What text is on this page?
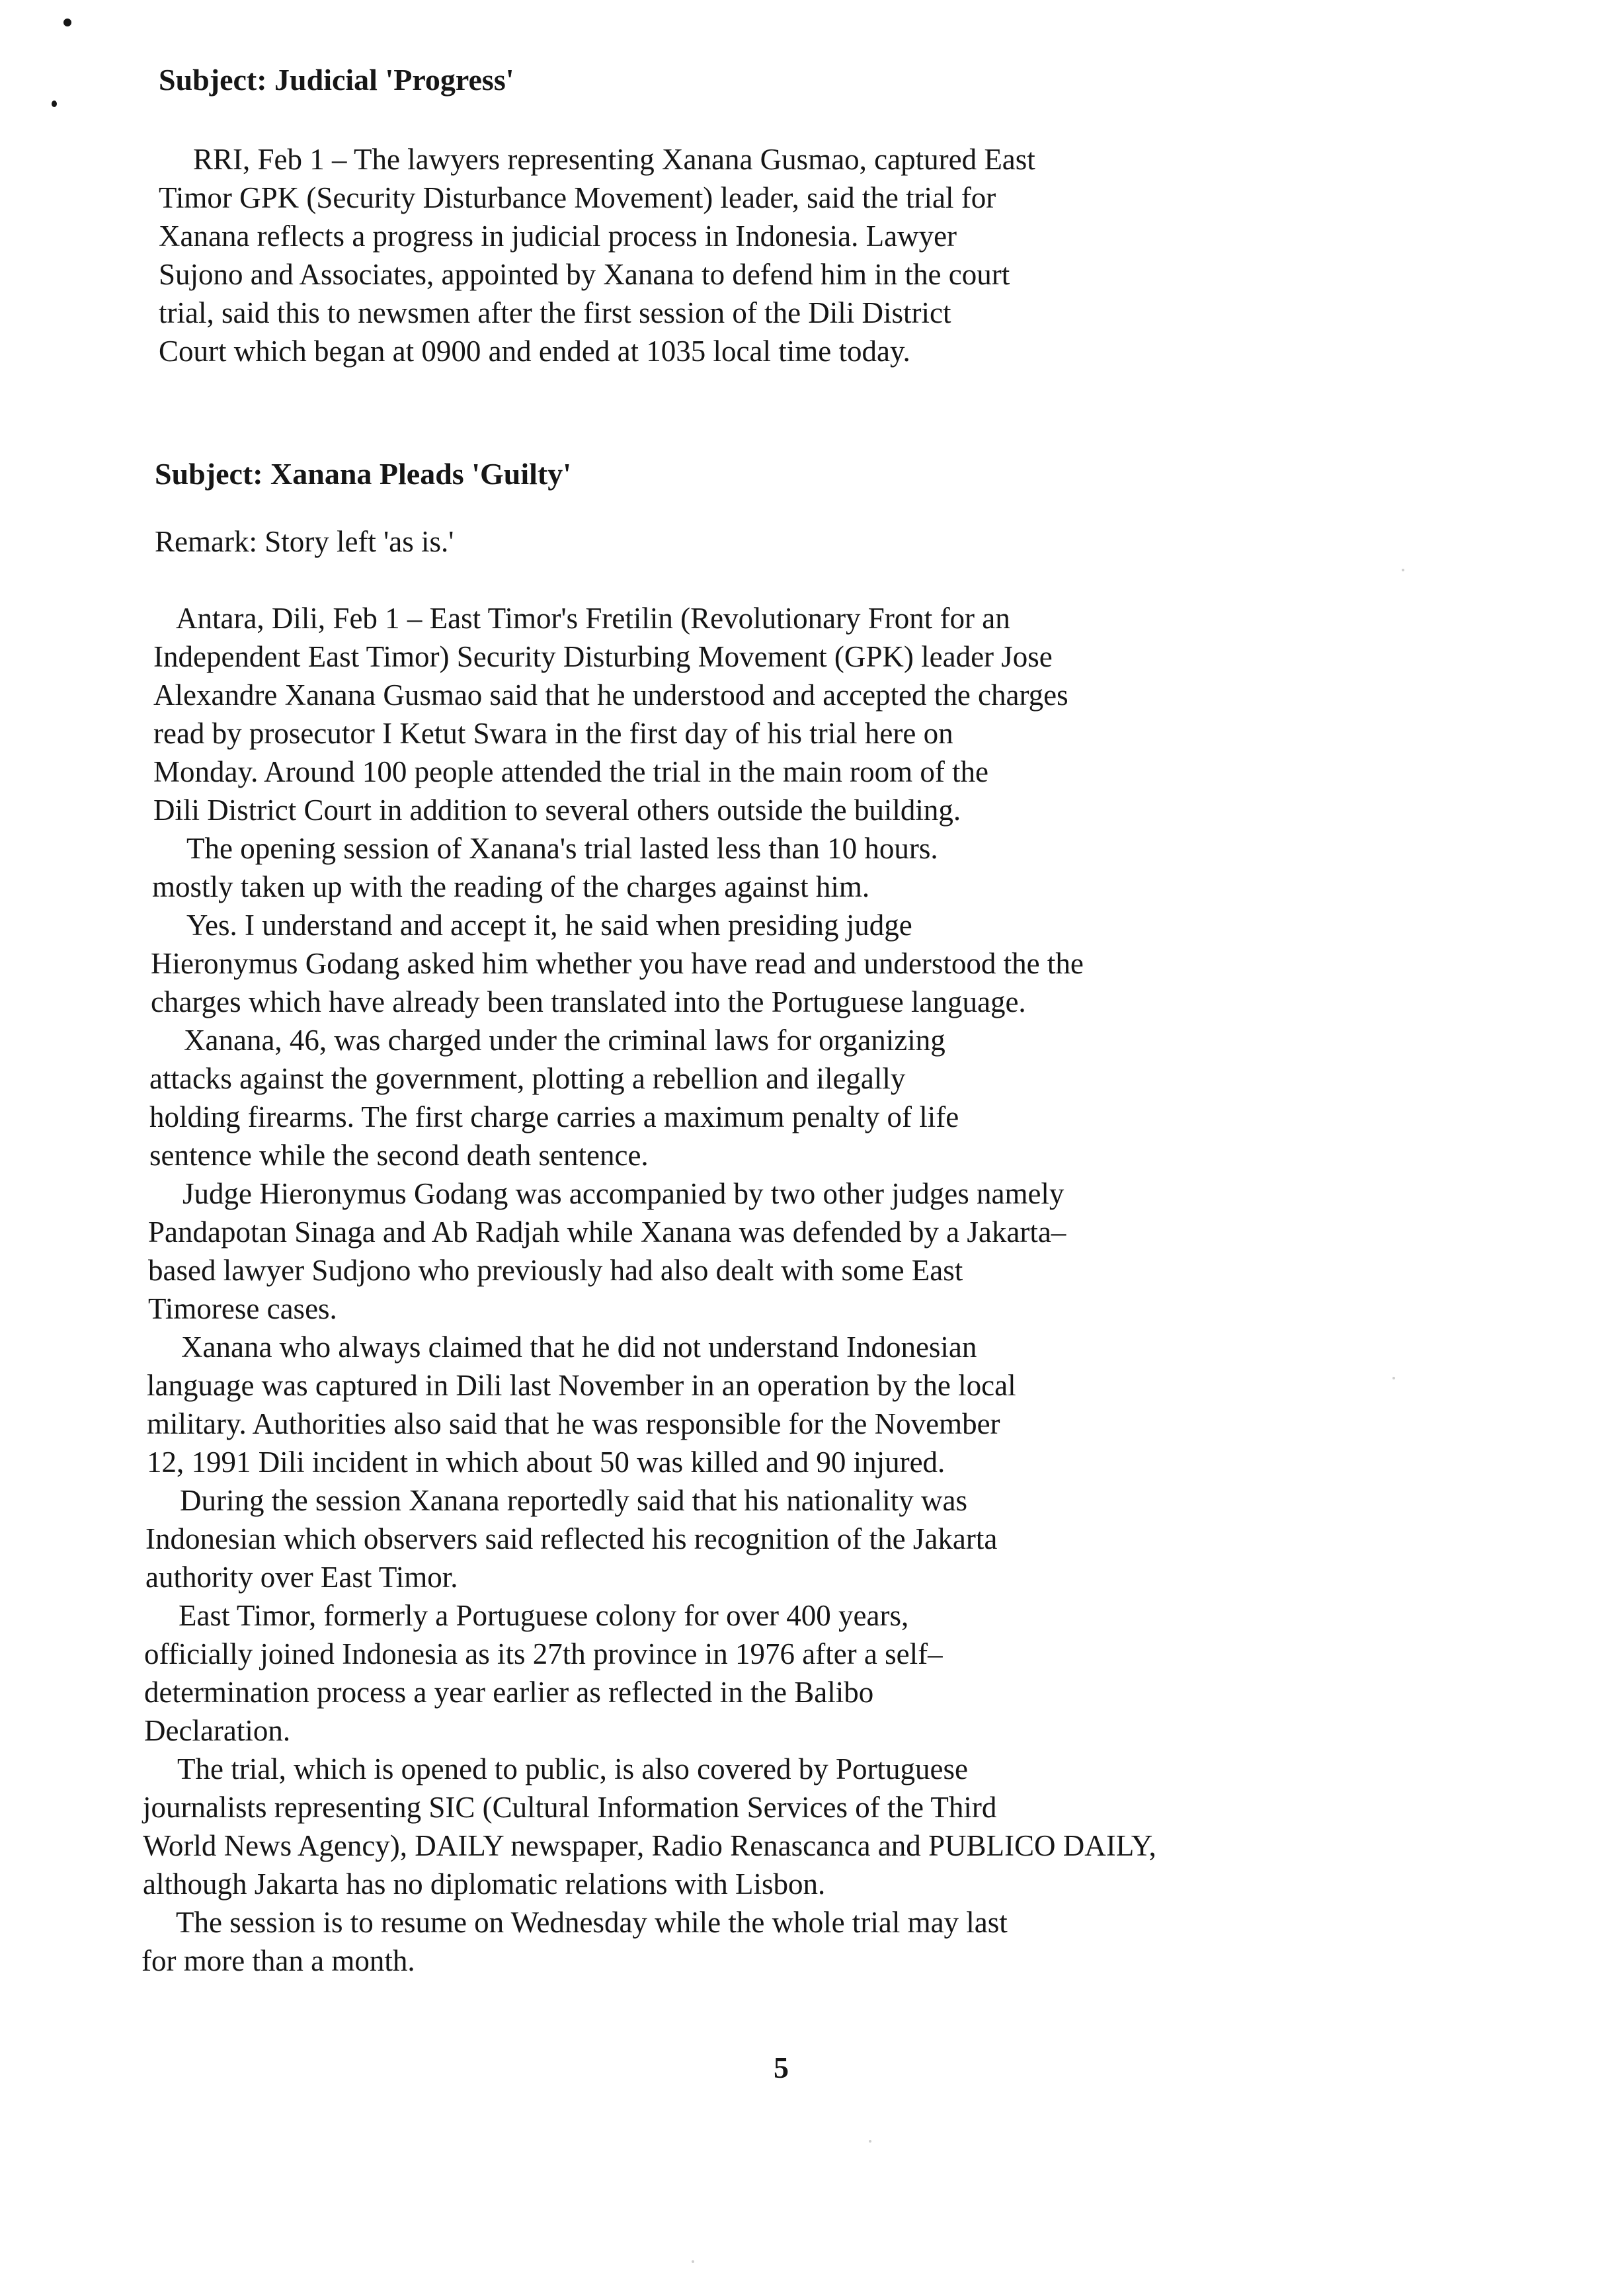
Subject: Judicial 'Progress'

RRI, Feb 1 – The lawyers representing Xanana Gusmao, captured East

Timor GPK (Security Disturbance Movement) leader, said the trial for

Xanana reflects a progress in judicial process in Indonesia. Lawyer

Sujono and Associates, appointed by Xanana to defend him in the court

trial, said this to newsmen after the first session of the Dili District

Court which began at 0900 and ended at 1035 local time today.

Subject: Xanana Pleads 'Guilty'

Remark: Story left 'as is.'

Antara, Dili, Feb 1 – East Timor's Fretilin (Revolutionary Front for an

Independent East Timor) Security Disturbing Movement (GPK) leader Jose

Alexandre Xanana Gusmao said that he understood and accepted the charges

read by prosecutor I Ketut Swara in the first day of his trial here on

Monday. Around 100 people attended the trial in the main room of the

Dili District Court in addition to several others outside the building.

The opening session of Xanana's trial lasted less than 10 hours.

mostly taken up with the reading of the charges against him.

Yes. I understand and accept it, he said when presiding judge

Hieronymus Godang asked him whether you have read and understood the the

charges which have already been translated into the Portuguese language.

Xanana, 46, was charged under the criminal laws for organizing

attacks against the government, plotting a rebellion and ilegally

holding firearms. The first charge carries a maximum penalty of life

sentence while the second death sentence.

Judge Hieronymus Godang was accompanied by two other judges namely

Pandapotan Sinaga and Ab Radjah while Xanana was defended by a Jakarta–

based lawyer Sudjono who previously had also dealt with some East

Timorese cases.

Xanana who always claimed that he did not understand Indonesian

language was captured in Dili last November in an operation by the local

military. Authorities also said that he was responsible for the November

12, 1991 Dili incident in which about 50 was killed and 90 injured.

During the session Xanana reportedly said that his nationality was

Indonesian which observers said reflected his recognition of the Jakarta

authority over East Timor.

East Timor, formerly a Portuguese colony for over 400 years,

officially joined Indonesia as its 27th province in 1976 after a self–

determination process a year earlier as reflected in the Balibo

Declaration.

The trial, which is opened to public, is also covered by Portuguese

journalists representing SIC (Cultural Information Services of the Third

World News Agency), DAILY newspaper, Radio Renascanca and PUBLICO DAILY,

although Jakarta has no diplomatic relations with Lisbon.

The session is to resume on Wednesday while the whole trial may last

for more than a month.

5
